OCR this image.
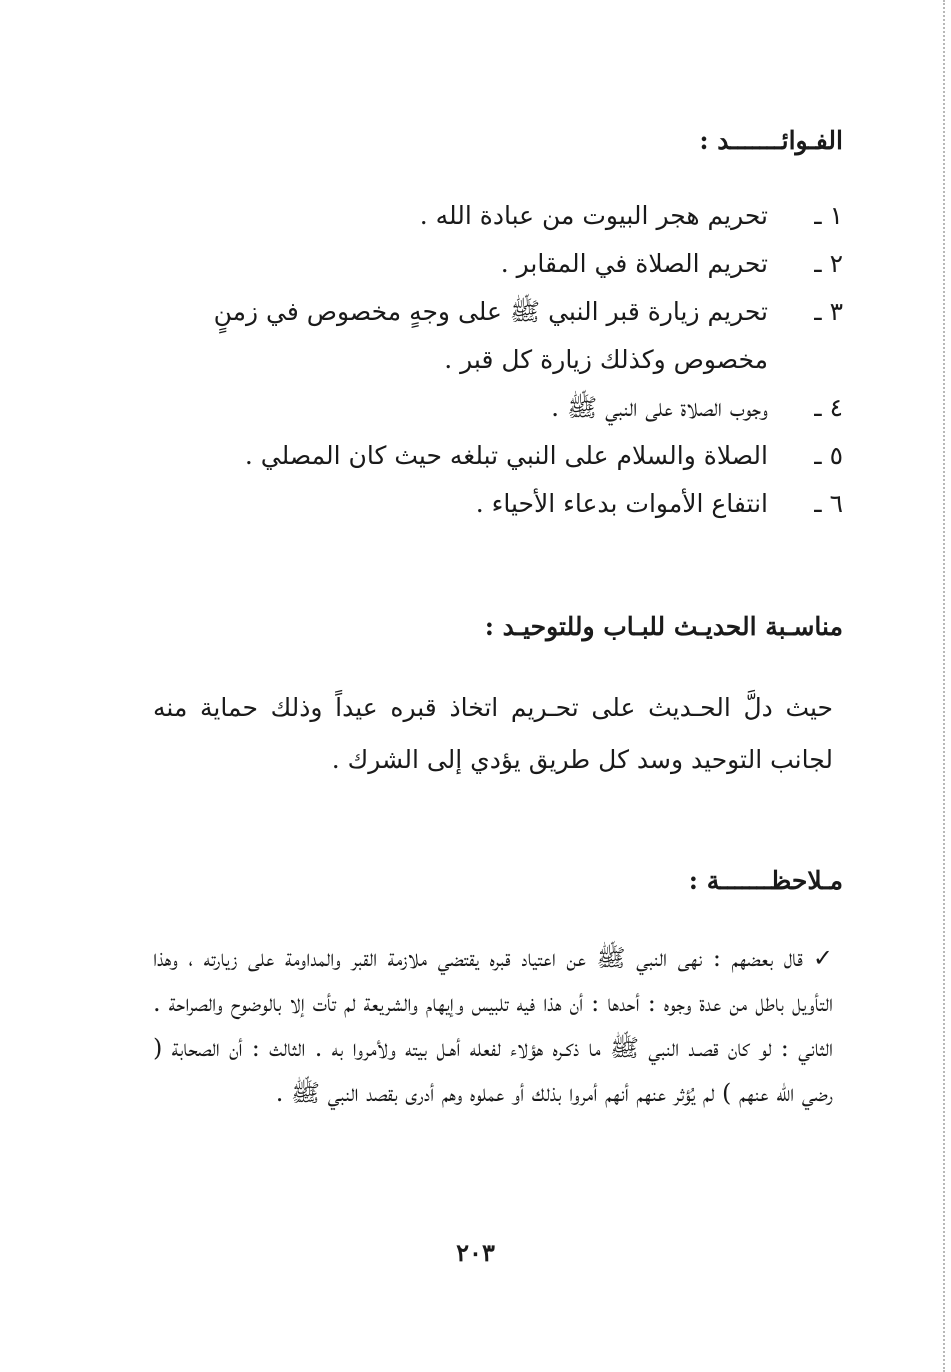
الفـوائـــــــد :
١ ـ
تحريم هجر البيوت من عبادة الله .
٢ ـ
تحريم الصلاة في المقابر .
٣ ـ
تحريم زيارة قبر النبي ﷺ على وجهٍ مخصوص في زمنٍ مخصوص وكذلك زيارة كل قبر .
٤ ـ
وجوب الصلاة على النبي ﷺ .
٥ ـ
الصلاة والسلام على النبي تبلغه حيث كان المصلي .
٦ ـ
انتفاع الأموات بدعاء الأحياء .
مناسـبة الحديـث للبـاب وللتوحيـد :

حيث دلَّ الحـديث على تحـريم اتخاذ قبره عيداً وذلك حماية منه لجانب التوحيد وسد كل طريق يؤدي إلى الشرك .

مـلاحظـــــــة :

✓قال بعضهم : نهى النبي ﷺ عن اعتياد قبره يقتضي ملازمة القبر والمداومة على زيارته ، وهذا التأويل باطل من عدة وجوه : أحدها : أن هذا فيه تلبيس وإيهام والشريعة لم تأت إلا بالوضوح والصراحة . الثاني : لو كان قصـد النبي ﷺ ما ذكـره هؤلاء لفعله أهـل بيته ولأمروا به . الثالث : أن الصحابة ( رضي الله عنهم ) لم يُؤثر عنهم أنهم أمروا بذلك أو عملوه وهم أدرى بقصد النبي ﷺ .

٢٠٣
